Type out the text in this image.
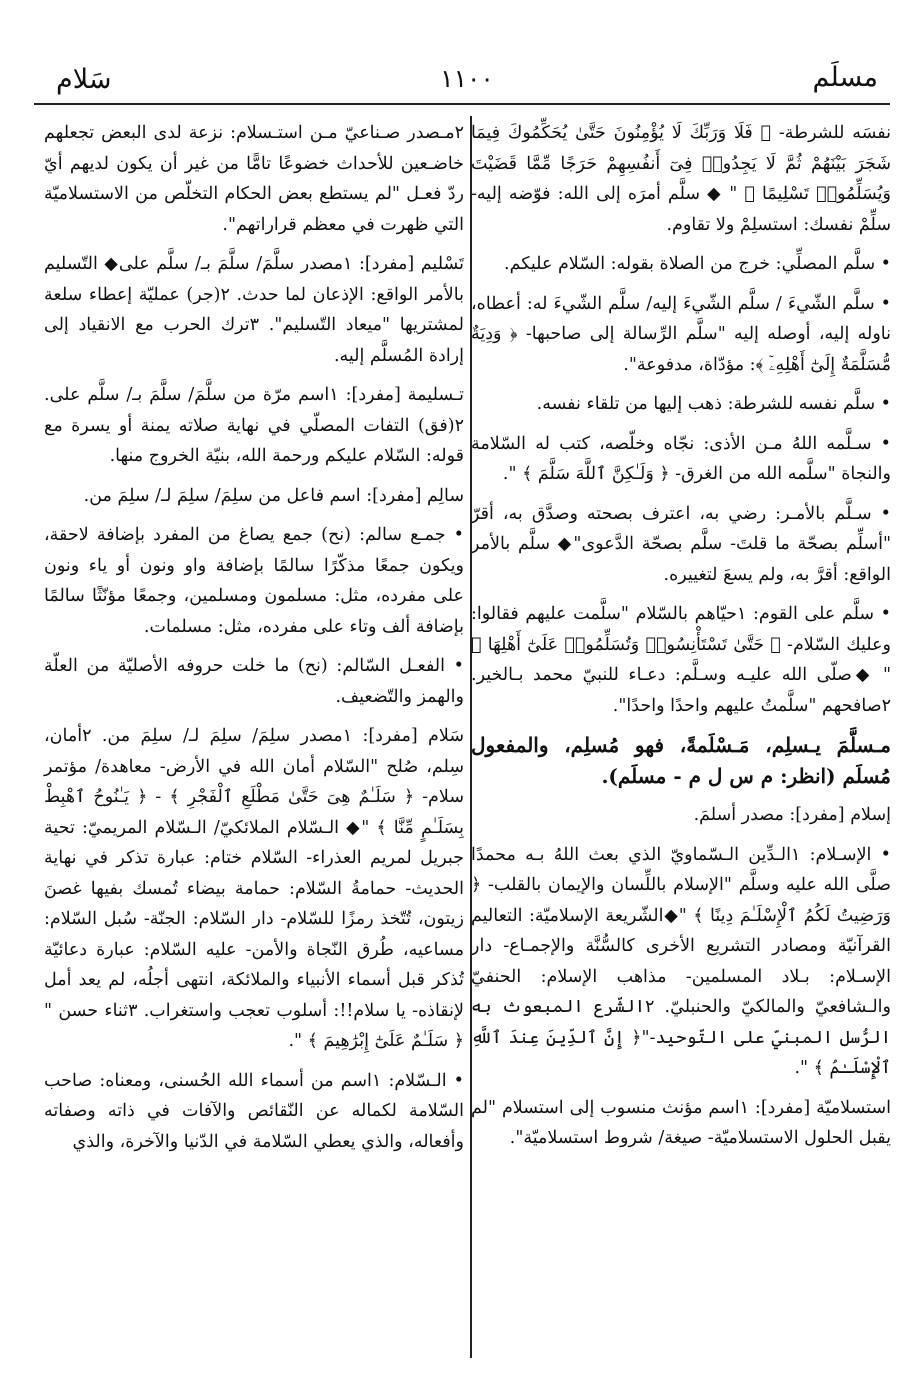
مسلَم
١١٠٠
سَلام

نفسَه للشرطة- ﴿ فَلَا وَرَبِّكَ لَا يُؤْمِنُونَ حَتَّىٰ يُحَكِّمُوكَ فِيمَا شَجَرَ بَيْنَهُمْ ثُمَّ لَا يَجِدُوا۟ فِىٓ أَنفُسِهِمْ حَرَجًا مِّمَّا قَضَيْتَ وَيُسَلِّمُوا۟ تَسْلِيمًا ﴾ " ◆ سلَّم أمرَه إلى الله: فوّضه إليه- سلِّمْ نفسك: استسلِمْ ولا تقاوم.

• سلَّم المصلِّي: خرج من الصلاة بقوله: السّلام عليكم.

• سلَّم الشّيءَ / سلَّم الشّيءَ إليه/ سلَّم الشّيءَ له: أعطاه، ناوله إليه، أوصله إليه "سلَّم الرِّسالة إلى صاحبها- ﴿ وَدِيَةٌ مُّسَلَّمَةٌ إِلَىٰٓ أَهْلِهِۦٓ ﴾: مؤدّاة، مدفوعة".

• سلَّم نفسه للشرطة: ذهب إليها من تلقاء نفسه.

• سـلَّمه اللهُ مـن الأذى: نجّاه وخلّصه، كتب له السّلامة والنجاة "سلَّمه الله من الغرق- ﴿ وَلَـٰكِنَّ ٱللَّهَ سَلَّمَ ﴾ ".

• سـلَّم بالأمـر: رضي به، اعترف بصحته وصدَّق به، أقرّ "أسلِّم بصحّة ما قلتَ- سلَّم بصحّة الدَّعوى"◆ سلَّم بالأمر الواقع: أقرَّ به، ولم يسعَ لتغييره.

• سلَّم على القوم: ١حيّاهم بالسّلام "سلَّمت عليهم فقالوا: وعليك السّلام- ﴿ حَتَّىٰ تَسْتَأْنِسُوا۟ وَتُسَلِّمُوا۟ عَلَىٰٓ أَهْلِهَا ﴾ " ◆صلّى الله عليـه وسـلَّم: دعـاء للنبيّ محمد بـالخير. ٢صافحهم "سلَّمتُ عليهم واحدًا واحدًا".

مـسلَّمَ يـسلِم، مَـسْلَمةً، فهو مُسلِم، والمفعول مُسلَم (انظر: م س ل م - مسلَم).

إسلام [مفرد]: مصدر أسلمَ.

• الإسـلام: ١الـدِّين الـسّماويّ الذي بعث اللهُ بـه محمدًا صلَّى الله عليه وسلَّم "الإسلام باللِّسان والإيمان بالقلب- ﴿ وَرَضِيتُ لَكُمُ ٱلْإِسْلَـٰمَ دِينًا ﴾ "◆الشّريعة الإسلاميّة: التعاليم القرآنيّة ومصادر التشريع الأخرى كالسُّنَّة والإجمـاع- دار الإسـلام: بـلاد المسلمين- مذاهب الإسلام: الحنفيّ والـشافعيّ والمالكيّ والحنبليّ. ٢الشّرع المبعوث به الرُّسل المبنيّ على التّوحيد-"﴿ إِنَّ ٱلدِّينَ عِندَ ٱللَّهِ ٱلْإِسْلَـٰمُ ﴾ ".

استسلاميّة [مفرد]: ١اسم مؤنث منسوب إلى استسلام "لم يقبل الحلول الاستسلاميّة- صيغة/ شروط استسلاميّة".

٢مـصدر صـناعيّ مـن استـسلام: نزعة لدى البعض تجعلهم خاضـعين للأحداث خضوعًا تامًّا من غير أن يكون لديهم أيّ ردّ فعـل "لم يستطع بعض الحكام التخلّص من الاستسلاميّة التي ظهرت في معظم قراراتهم".

تَسْليم [مفرد]: ١مصدر سلَّمَ/ سلَّمَ بـ/ سلَّم على◆ التّسليم بالأمر الواقع: الإذعان لما حدث. ٢(جر) عمليّة إعطاء سلعة لمشتريها "ميعاد التّسليم". ٣ترك الحرب مع الانقياد إلى إرادة المُسلَّم إليه.

تـسليمة [مفرد]: ١اسم مرّة من سلَّمَ/ سلَّمَ بـ/ سلَّم على. ٢(فق) التفات المصلّي في نهاية صلاته يمنة أو يسرة مع قوله: السّلام عليكم ورحمة الله، بنيّة الخروج منها.

سالِم [مفرد]: اسم فاعل من سلِمَ/ سلِمَ لـ/ سلِمَ من.

• جمـع سالم: (نح) جمع يصاغ من المفرد بإضافة لاحقة، ويكون جمعًا مذكّرًا سالمًا بإضافة واو ونون أو ياء ونون على مفرده، مثل: مسلمون ومسلمين، وجمعًا مؤنّثًا سالمًا بإضافة ألف وتاء على مفرده، مثل: مسلمات.

• الفعـل السّالم: (نح) ما خلت حروفه الأصليّة من العلّة والهمز والتّضعيف.

سَلام [مفرد]: ١مصدر سلِمَ/ سلِمَ لـ/ سلِمَ من. ٢أمان، سِلم، صُلح "السّلام أمان الله في الأرض- معاهدة/ مؤتمر سلام- ﴿ سَلَـٰمٌ هِىَ حَتَّىٰ مَطْلَعِ ٱلْفَجْرِ ﴾ - ﴿ يَـٰنُوحُ ٱهْبِطْ بِسَلَـٰمٍ مِّنَّا ﴾ "◆ الـسّلام الملائكيّ/ الـسّلام المريميّ: تحية جبريل لمريم العذراء- السّلام ختام: عبارة تذكر في نهاية الحديث- حمامةُ السّلام: حمامة بيضاء تُمسك بفيها غصنَ زيتون، تُتّخذ رمزًا للسّلام- دار السّلام: الجنّة- سُبل السّلام: مساعيه، طُرق النّجاة والأمن- عليه السّلام: عبارة دعائيّة تُذكر قبل أسماء الأنبياء والملائكة، انتهى أجلُه، لم يعد أمل لإنقاذه- يا سلام!!: أسلوب تعجب واستغراب. ٣ثناء حسن " ﴿ سَلَـٰمٌ عَلَىٰٓ إِبْرَٰهِيمَ ﴾ ".

• الـسّلام: ١اسم من أسماء الله الحُسنى، ومعناه: صاحب السّلامة لكماله عن النّقائص والآفات في ذاته وصفاته وأفعاله، والذي يعطي السّلامة في الدّنيا والآخرة، والذي
